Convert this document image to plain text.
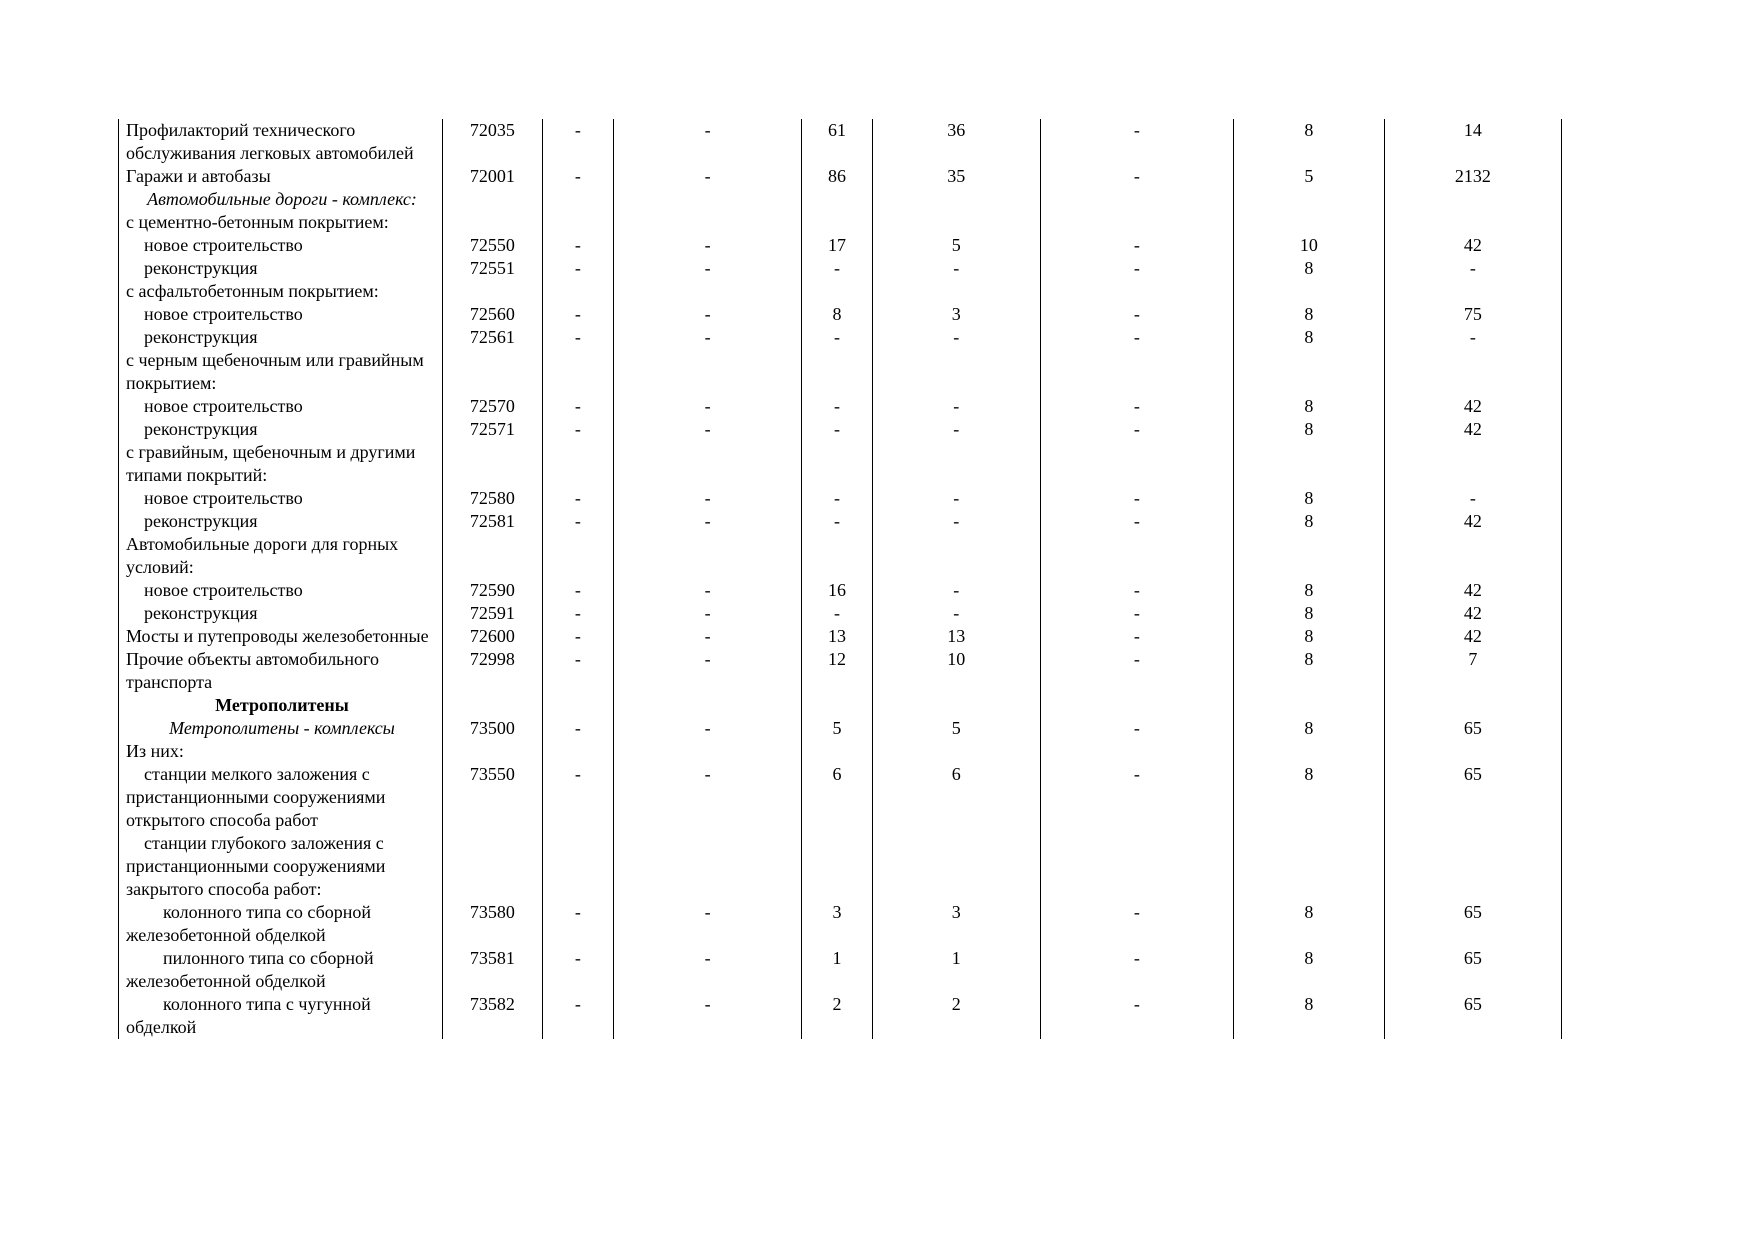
Профилакторий технического обслуживания легковых автомобилей	72035	-	-	61	36	-	8	14
Гаражи и автобазы	72001	-	-	86	35	-	5	2132

Автомобильные дороги - комплекс:								

с цементно-бетонным покрытием:								
новое строительство	72550	-	-	17	5	-	10	42
реконструкция	72551	-	-	-	-	-	8	-
с асфальтобетонным покрытием:								
новое строительство	72560	-	-	8	3	-	8	75
реконструкция	72561	-	-	-	-	-	8	-
с черным щебеночным или гравийным покрытием:								
новое строительство	72570	-	-	-	-	-	8	42
реконструкция	72571	-	-	-	-	-	8	42
с гравийным, щебеночным и другими типами покрытий:								
новое строительство	72580	-	-	-	-	-	8	-
реконструкция	72581	-	-	-	-	-	8	42
Автомобильные дороги для горных условий:								
новое строительство	72590	-	-	16	-	-	8	42
реконструкция	72591	-	-	-	-	-	8	42
Мосты и путепроводы железобетонные	72600	-	-	13	13	-	8	42
Прочие объекты автомобильного транспорта	72998	-	-	12	10	-	8	7

Метрополитены								

Метрополитены - комплексы	73500	-	-	5	5	-	8	65
Из них:								

станции мелкого заложения с пристанционными сооружениями открытого способа работ	73550	-	-	6	6	-	8	65

станции глубокого заложения с пристанционными сооружениями закрытого способа работ:								

колонного типа со сборной железобетонной обделкой	73580	-	-	3	3	-	8	65

пилонного типа со сборной железобетонной обделкой	73581	-	-	1	1	-	8	65

колонного типа с чугунной обделкой	73582	-	-	2	2	-	8	65
